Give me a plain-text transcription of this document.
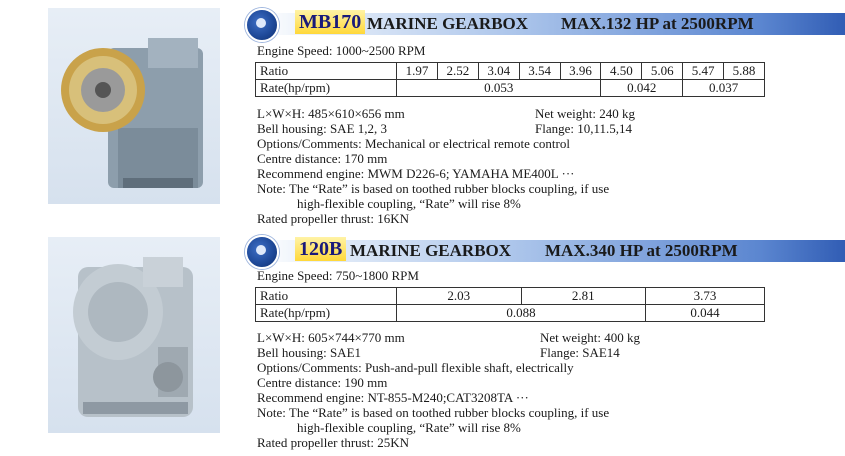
MB170 MARINE GEARBOX MAX.132 HP at 2500RPM
Engine Speed: 1000~2500 RPM
Ratio	1.97	2.52	3.04	3.54	3.96	4.50	5.06	5.47	5.88
Rate(hp/rpm)	0.053					0.042		0.037	
L×W×H: 485×610×656 mm	Net weight: 240 kg
Bell housing: SAE 1,2, 3	Flange: 10,11.5,14
Options/Comments: Mechanical or electrical remote control
Centre distance: 170 mm
Recommend engine: MWM D226-6; YAMAHA ME400L ···
Note: The “Rate” is based on toothed rubber blocks coupling, if use
high-flexible coupling, “Rate” will rise 8%
Rated propeller thrust: 16KN
120B MARINE GEARBOX MAX.340 HP at 2500RPM
Engine Speed: 750~1800 RPM
Ratio	2.03	2.81	3.73
Rate(hp/rpm)	0.088		0.044
L×W×H: 605×744×770 mm	Net weight: 400 kg
Bell housing: SAE1	Flange: SAE14
Options/Comments: Push-and-pull flexible shaft, electrically
Centre distance: 190 mm
Recommend engine: NT-855-M240;CAT3208TA ···
Note: The “Rate” is based on toothed rubber blocks coupling, if use
high-flexible coupling, “Rate” will rise 8%
Rated propeller thrust: 25KN
